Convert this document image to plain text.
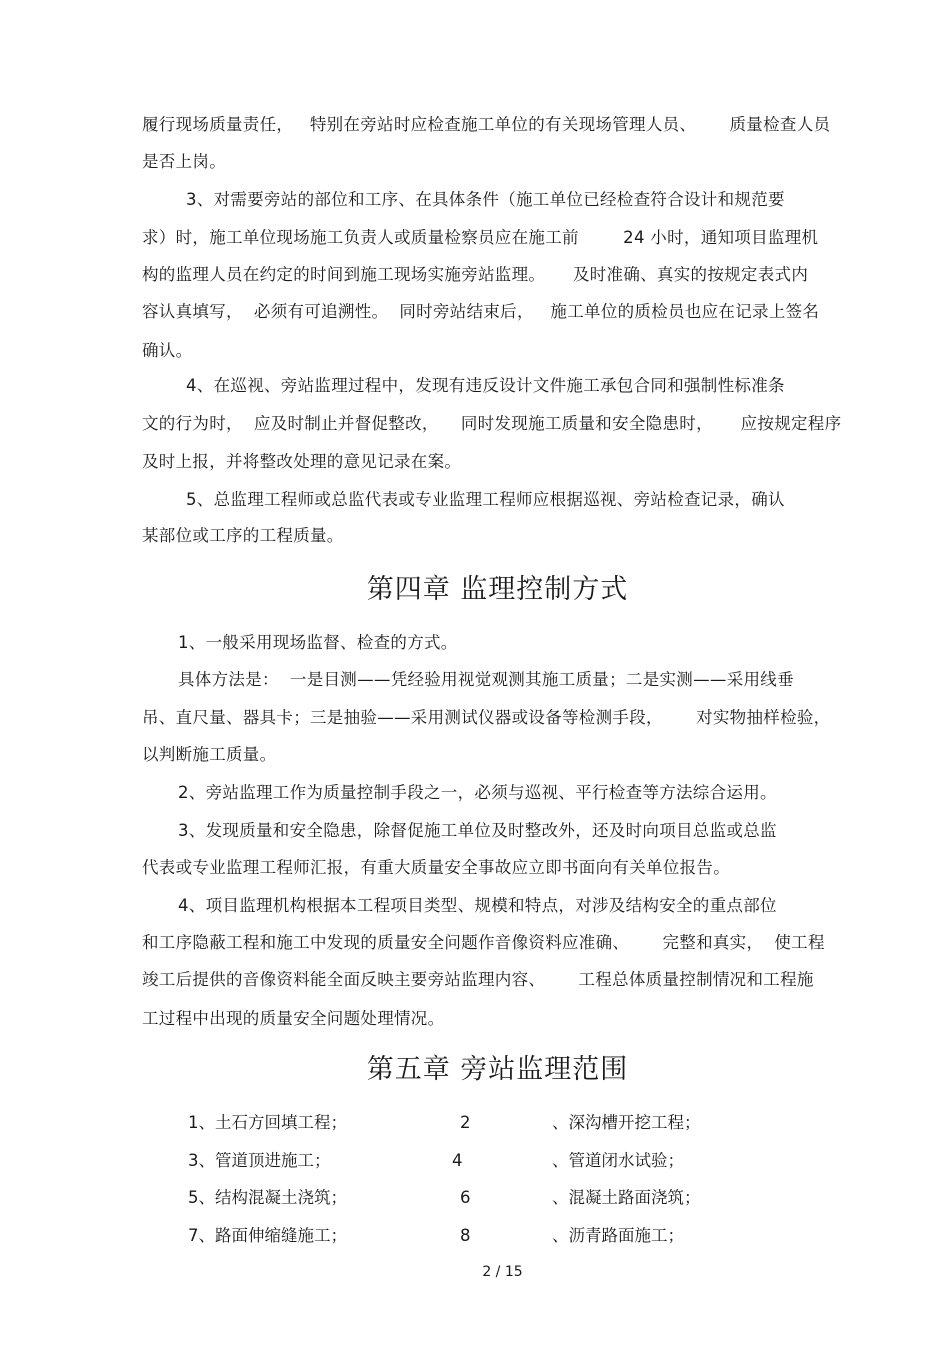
履行现场质量责任，   特别在旁站时应检查施工单位的有关现场管理人员、      质量检查人员
是否上岗。
3、对需要旁站的部位和工序、在具体条件（施工单位已经检查符合设计和规范要
求）时，施工单位现场施工负责人或质量检察员应在施工前        24 小时，通知项目监理机
构的监理人员在约定的时间到施工现场实施旁站监理。     及时准确、真实的按规定表式内
容认真填写，  必须有可追溯性。  同时旁站结束后，   施工单位的质检员也应在记录上签名
确认。
4、在巡视、旁站监理过程中，发现有违反设计文件施工承包合同和强制性标准条
文的行为时，  应及时制止并督促整改，    同时发现施工质量和安全隐患时，     应按规定程序
及时上报，并将整改处理的意见记录在案。
5、总监理工程师或总监代表或专业监理工程师应根据巡视、旁站检查记录，确认
某部位或工序的工程质量。
第四章 监理控制方式
1、一般采用现场监督、检查的方式。
具体方法是：  一是目测——凭经验用视觉观测其施工质量；二是实测——采用线垂
吊、直尺量、器具卡；三是抽验——采用测试仪器或设备等检测手段，      对实物抽样检验，
以判断施工质量。
2、旁站监理工作为质量控制手段之一，必须与巡视、平行检查等方法综合运用。
3、发现质量和安全隐患，除督促施工单位及时整改外，还及时向项目总监或总监
代表或专业监理工程师汇报，有重大质量安全事故应立即书面向有关单位报告。
4、项目监理机构根据本工程项目类型、规模和特点，对涉及结构安全的重点部位
和工序隐蔽工程和施工中发现的质量安全问题作音像资料应准确、      完整和真实，  使工程
竣工后提供的音像资料能全面反映主要旁站监理内容、      工程总体质量控制情况和工程施
工过程中出现的质量安全问题处理情况。
第五章 旁站监理范围
1、土石方回填工程；	2	、深沟槽开挖工程；
3、管道顶进施工；	4	、管道闭水试验；
5、结构混凝土浇筑；	6	、混凝土路面浇筑；
7、路面伸缩缝施工；	8	、沥青路面施工；
2 / 15
